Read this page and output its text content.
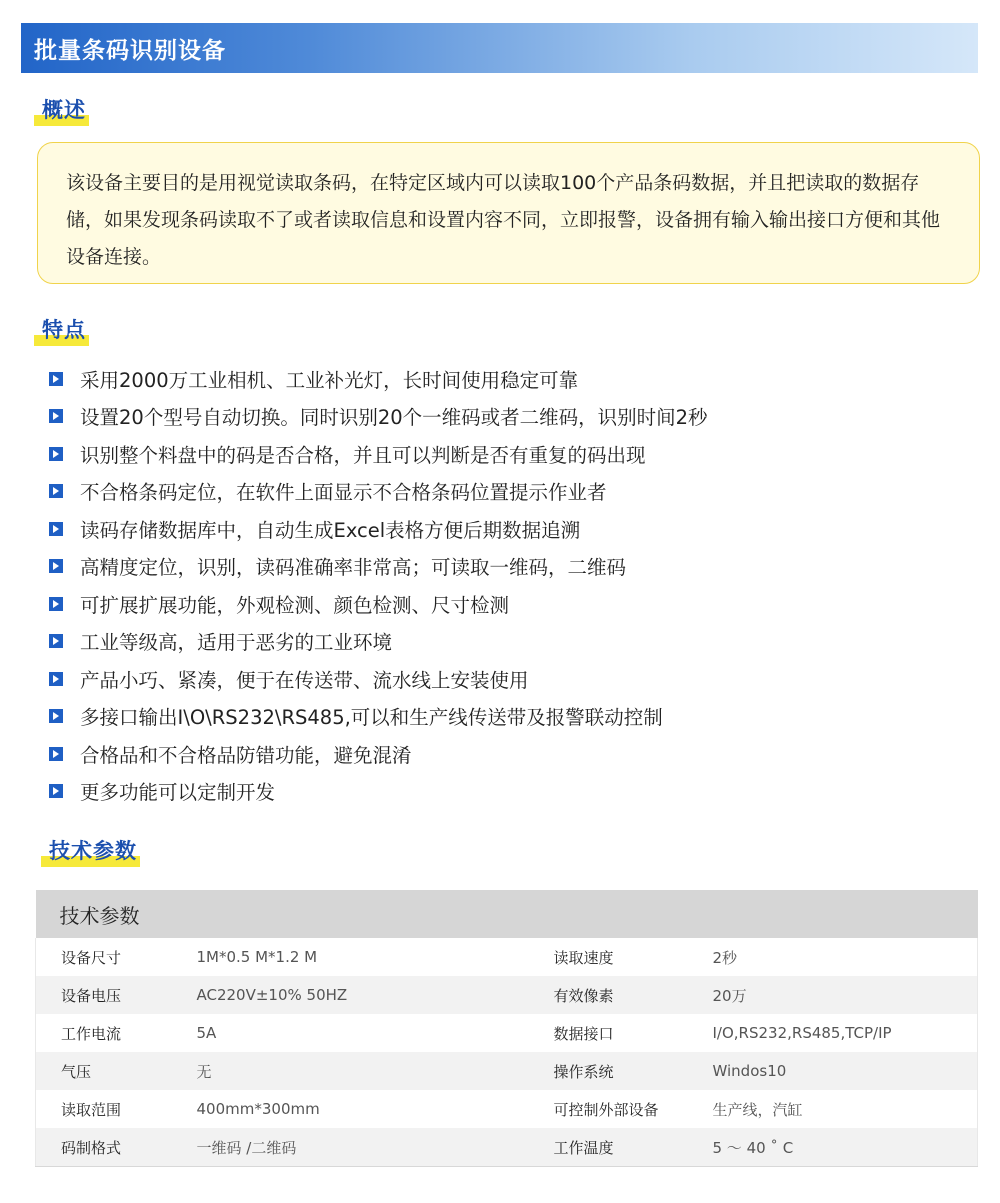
批量条码识别设备
概述
该设备主要目的是用视觉读取条码，在特定区域内可以读取100个产品条码数据，并且把读取的数据存储，如果发现条码读取不了或者读取信息和设置内容不同，立即报警，设备拥有输入输出接口方便和其他设备连接。
特点
采用2000万工业相机、工业补光灯，长时间使用稳定可靠
设置20个型号自动切换。同时识别20个一维码或者二维码，识别时间2秒
识别整个料盘中的码是否合格，并且可以判断是否有重复的码出现
不合格条码定位，在软件上面显示不合格条码位置提示作业者
读码存储数据库中，自动生成Excel表格方便后期数据追溯
高精度定位，识别，读码准确率非常高；可读取一维码，二维码
可扩展扩展功能，外观检测、颜色检测、尺寸检测
工业等级高，适用于恶劣的工业环境
产品小巧、紧凑，便于在传送带、流水线上安装使用
多接口输出I\O\RS232\RS485,可以和生产线传送带及报警联动控制
合格品和不合格品防错功能，避免混淆
更多功能可以定制开发
技术参数
技术参数			
设备尺寸	1M*0.5 M*1.2 M	读取速度	2秒
设备电压	AC220V±10% 50HZ	有效像素	20万
工作电流	5A	数据接口	I/O,RS232,RS485,TCP/IP
气压	无	操作系统	Windos10
读取范围	400mm*300mm	可控制外部设备	生产线，汽缸
码制格式	一维码 /二维码	工作温度	5 ～ 40 ˚ C
